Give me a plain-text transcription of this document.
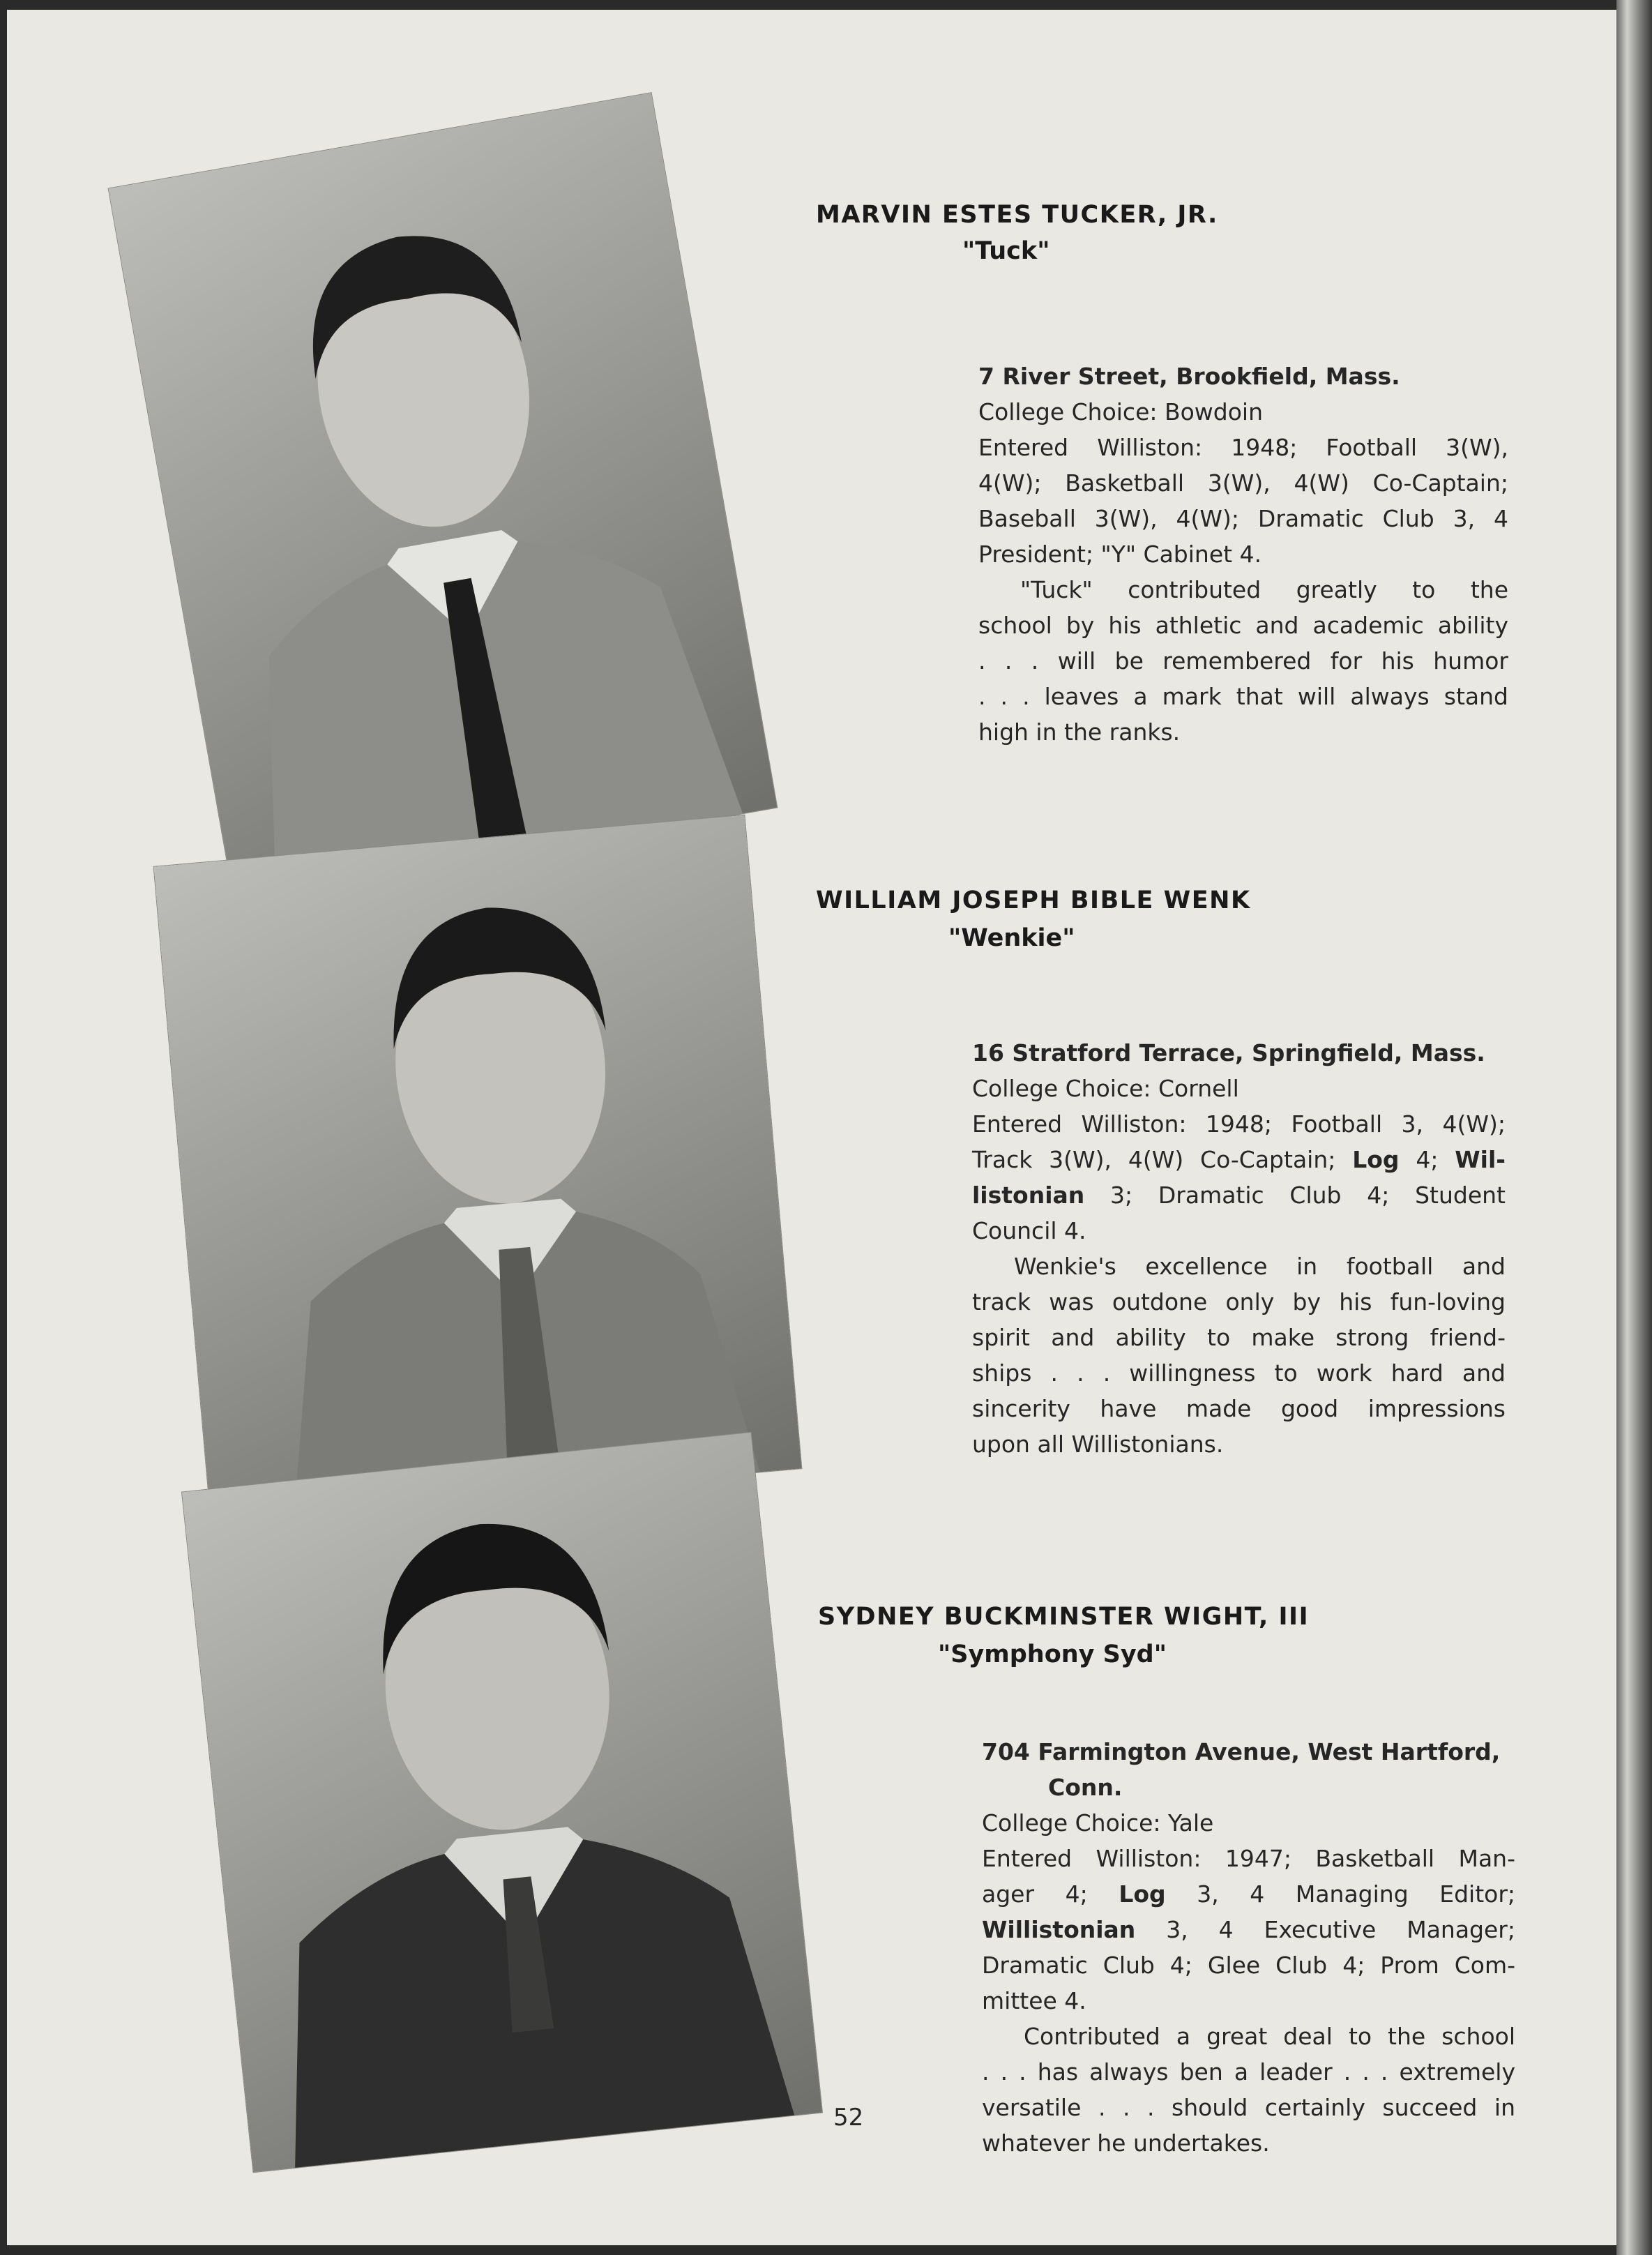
MARVIN ESTES TUCKER, JR.
"Tuck"
7 River Street, Brookfield, Mass.
College Choice: Bowdoin
Entered Williston: 1948; Football 3(W),
4(W); Basketball 3(W), 4(W) Co-Captain;
Baseball 3(W), 4(W); Dramatic Club 3, 4
President; "Y" Cabinet 4.
"Tuck" contributed greatly to the
school by his athletic and academic ability
. . . will be remembered for his humor
. . . leaves a mark that will always stand
high in the ranks.
WILLIAM JOSEPH BIBLE WENK
"Wenkie"
16 Stratford Terrace, Springfield, Mass.
College Choice: Cornell
Entered Williston: 1948; Football 3, 4(W);
Track 3(W), 4(W) Co-Captain; Log 4; Wil-
listonian 3; Dramatic Club 4; Student
Council 4.
Wenkie's excellence in football and
track was outdone only by his fun-loving
spirit and ability to make strong friend-
ships . . . willingness to work hard and
sincerity have made good impressions
upon all Willistonians.
SYDNEY BUCKMINSTER WIGHT, III
"Symphony Syd"
704 Farmington Avenue, West Hartford,
Conn.
College Choice: Yale
Entered Williston: 1947; Basketball Man-
ager 4; Log 3, 4 Managing Editor;
Willistonian 3, 4 Executive Manager;
Dramatic Club 4; Glee Club 4; Prom Com-
mittee 4.
Contributed a great deal to the school
. . . has always ben a leader . . . extremely
versatile . . . should certainly succeed in
whatever he undertakes.
52
